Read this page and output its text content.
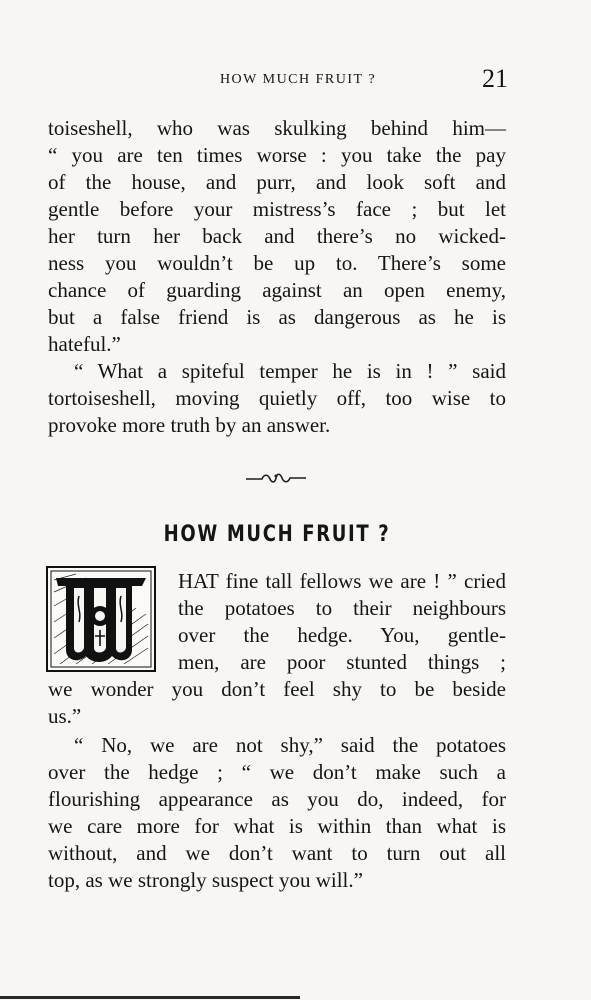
HOW MUCH FRUIT ?	21
toiseshell, who was skulking behind him—
“ you are ten times worse : you take the pay
of the house, and purr, and look soft and
gentle before your mistress’s face ; but let
her turn her back and there’s no wicked-
ness you wouldn’t be up to. There’s some
chance of guarding against an open enemy,
but a false friend is as dangerous as he is
hateful.”
“ What a spiteful temper he is in ! ” said
tortoiseshell, moving quietly off, too wise to
provoke more truth by an answer.
HOW MUCH FRUIT ?
HAT fine tall fellows we are ! ” cried
the potatoes to their neighbours
over the hedge. You, gentle-
men, are poor stunted things ;
we wonder you don’t feel shy to be beside
us.”
“ No, we are not shy,” said the potatoes
over the hedge ; “ we don’t make such a
flourishing appearance as you do, indeed, for
we care more for what is within than what is
without, and we don’t want to turn out all
top, as we strongly suspect you will.”
